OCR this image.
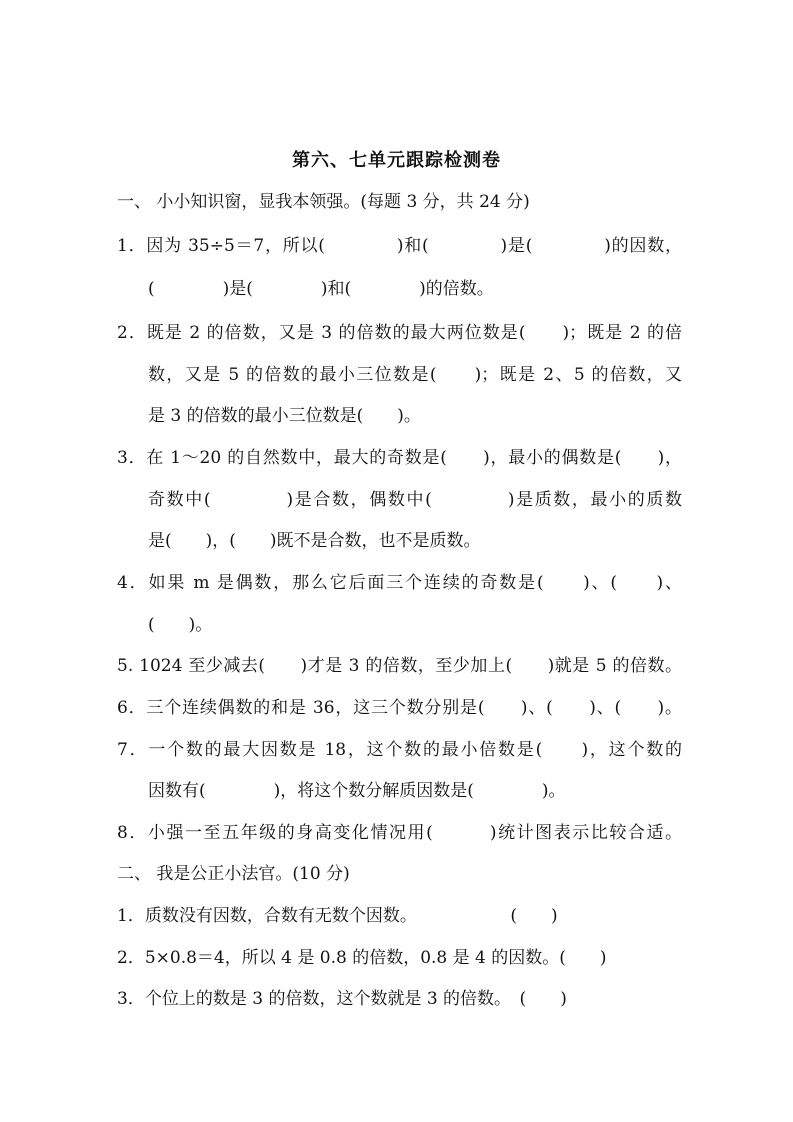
第六、七单元跟踪检测卷
一、 小小知识窗，显我本领强。(每题 3 分，共 24 分)
1．因为 35÷5＝7，所以(　　　　)和(　　　　)是(　　　　)的因数，
(　　　　)是(　　　　)和(　　　　)的倍数。
2．既是 2 的倍数，又是 3 的倍数的最大两位数是(　　)；既是 2 的倍
数，又是 5 的倍数的最小三位数是(　　)；既是 2、5 的倍数，又
是 3 的倍数的最小三位数是(　　)。
3．在 1～20 的自然数中，最大的奇数是(　　)，最小的偶数是(　　)，
奇数中(　　　　)是合数，偶数中(　　　　)是质数，最小的质数
是(　　)，(　　)既不是合数，也不是质数。
4．如果 m 是偶数，那么它后面三个连续的奇数是(　　)、(　　)、
(　　)。
5. 1024 至少减去(　　)才是 3 的倍数，至少加上(　　)就是 5 的倍数。
6．三个连续偶数的和是 36，这三个数分别是(　　)、(　　)、(　　)。
7．一个数的最大因数是 18，这个数的最小倍数是(　　)，这个数的
因数有(　　　　)，将这个数分解质因数是(　　　　)。
8．小强一至五年级的身高变化情况用(　　　)统计图表示比较合适。
二、 我是公正小法官。(10 分)
1．质数没有因数，合数有无数个因数。　　　　　　(　　)
2．5×0.8＝4，所以 4 是 0.8 的倍数，0.8 是 4 的因数。(　　)
3．个位上的数是 3 的倍数，这个数就是 3 的倍数。　(　　)
